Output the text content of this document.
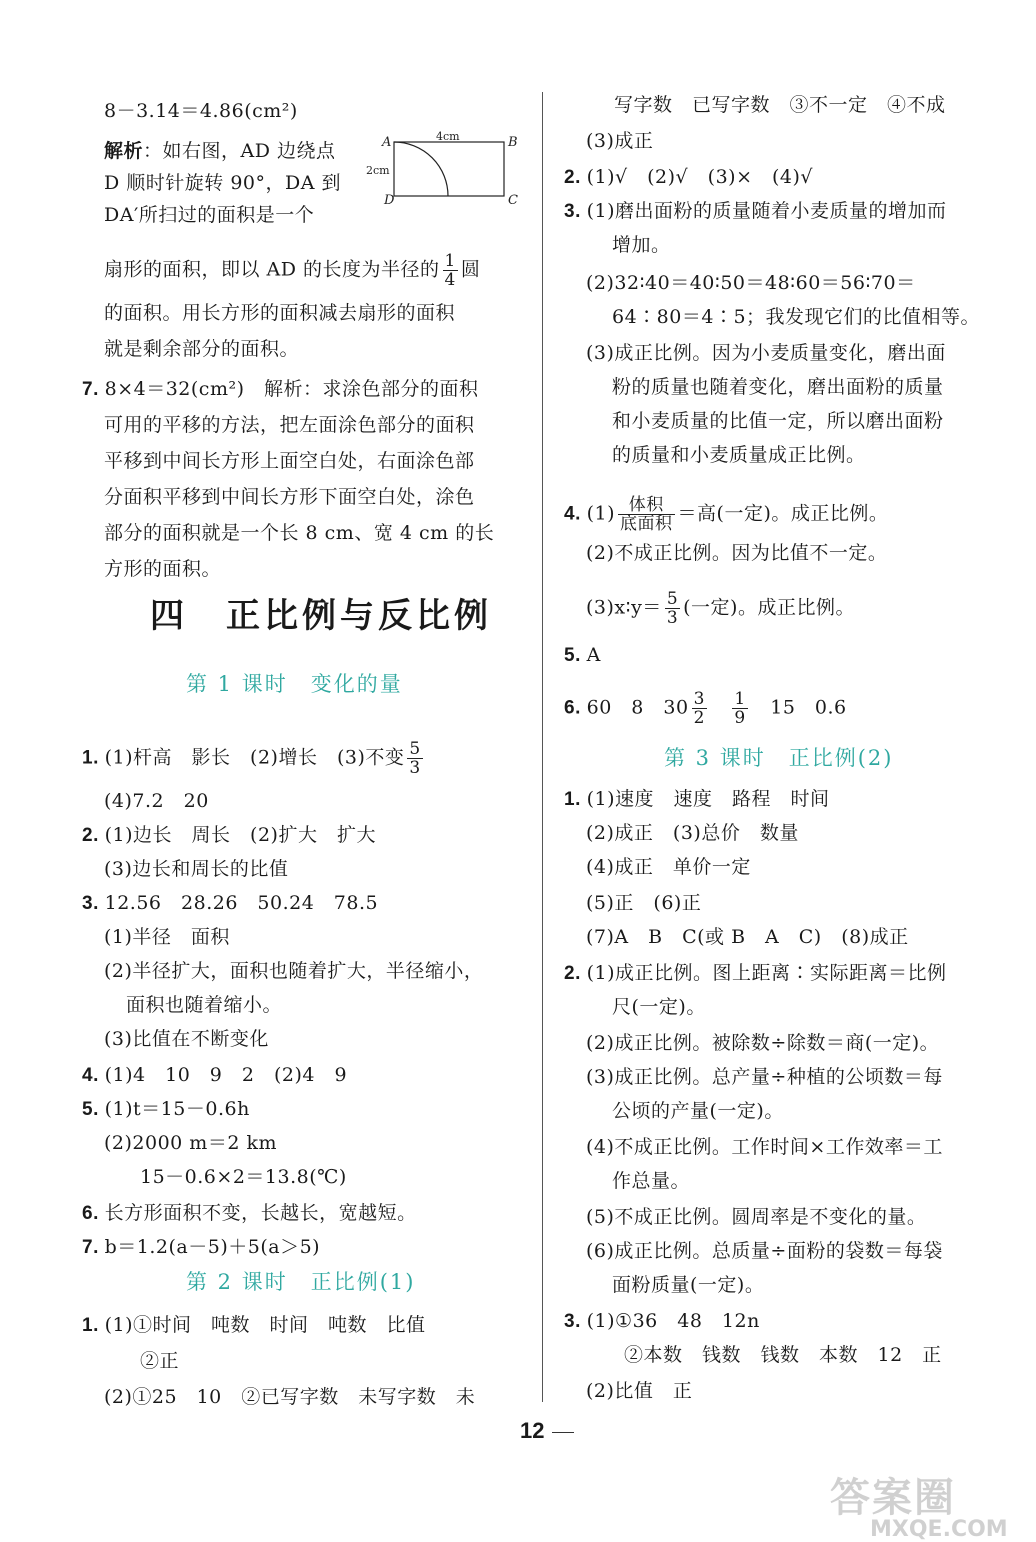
四　正比例与反比例
第 1 课时　变化的量
第 2 课时　正比例(1)
第 3 课时　正比例(2)
A	B
C
D
4cm
2cm
12
答案圈
MXQE.COM
8－3.14＝4.86(cm²)
解析：如右图，AD 边绕点
D 顺时针旋转 90°，DA 到
DA′所扫过的面积是一个
扇形的面积，即以 AD 的长度为半径的 $\frac{1}{4}$ 圆
的面积。用长方形的面积减去扇形的面积
就是剩余部分的面积。
7. 8×4＝32(cm²)　解析：求涂色部分的面积
可用的平移的方法，把左面涂色部分的面积
平移到中间长方形上面空白处，右面涂色部
分面积平移到中间长方形下面空白处，涂色
部分的面积就是一个长 8 cm、宽 4 cm 的长
方形的面积。
1. (1)杆高　影长　(2)增长　(3)不变 $\frac{5}{3}$
(4)7.2　20
2. (1)边长　周长　(2)扩大　扩大
(3)边长和周长的比值
3. 12.56　28.26　50.24　78.5
(1)半径　面积
(2)半径扩大，面积也随着扩大，半径缩小，
面积也随着缩小。
(3)比值在不断变化
4. (1)4　10　9　2　(2)4　9
5. (1)t＝15－0.6h
(2)2000 m＝2 km
15－0.6×2＝13.8(℃)
6. 长方形面积不变，长越长，宽越短。
7. b＝1.2(a－5)＋5(a＞5)
1. (1)①时间　吨数　时间　吨数　比值
②正
(2)①25　10　②已写字数　未写字数　未
写字数　已写字数　③不一定　④不成
(3)成正
2. (1)√　(2)√　(3)×　(4)√
3. (1)磨出面粉的质量随着小麦质量的增加而
增加。
(2)32∶40＝40∶50＝48∶60＝56∶70＝
64∶80＝4∶5；我发现它们的比值相等。
(3)成正比例。因为小麦质量变化，磨出面
粉的质量也随着变化，磨出面粉的质量
和小麦质量的比值一定，所以磨出面粉
的质量和小麦质量成正比例。
4. $(1) \frac{\text{体积}}{\text{底面积}}$ ＝高(一定)。成正比例。
(2)不成正比例。因为比值不一定。
(3)x∶y＝ $\frac{5}{3}$ (一定)。成正比例。
5. A
6. 60　8　$30 \frac{3}{2}$
　 $\frac{1}{9}$ 　15　0.6
1. (1)速度　速度　路程　时间
(2)成正　(3)总价　数量
(4)成正　单价一定
(5)正　(6)正
(7)A　B　C(或 B　A　C)　(8)成正
2. (1)成正比例。图上距离∶实际距离＝比例
尺(一定)。
(2)成正比例。被除数÷除数＝商(一定)。
(3)成正比例。总产量÷种植的公顷数＝每
公顷的产量(一定)。
(4)不成正比例。工作时间×工作效率＝工
作总量。
(5)不成正比例。圆周率是不变化的量。
(6)成正比例。总质量÷面粉的袋数＝每袋
面粉质量(一定)。
3. (1)①36　48　12n
②本数　钱数　钱数　本数　12　正
(2)比值　正
